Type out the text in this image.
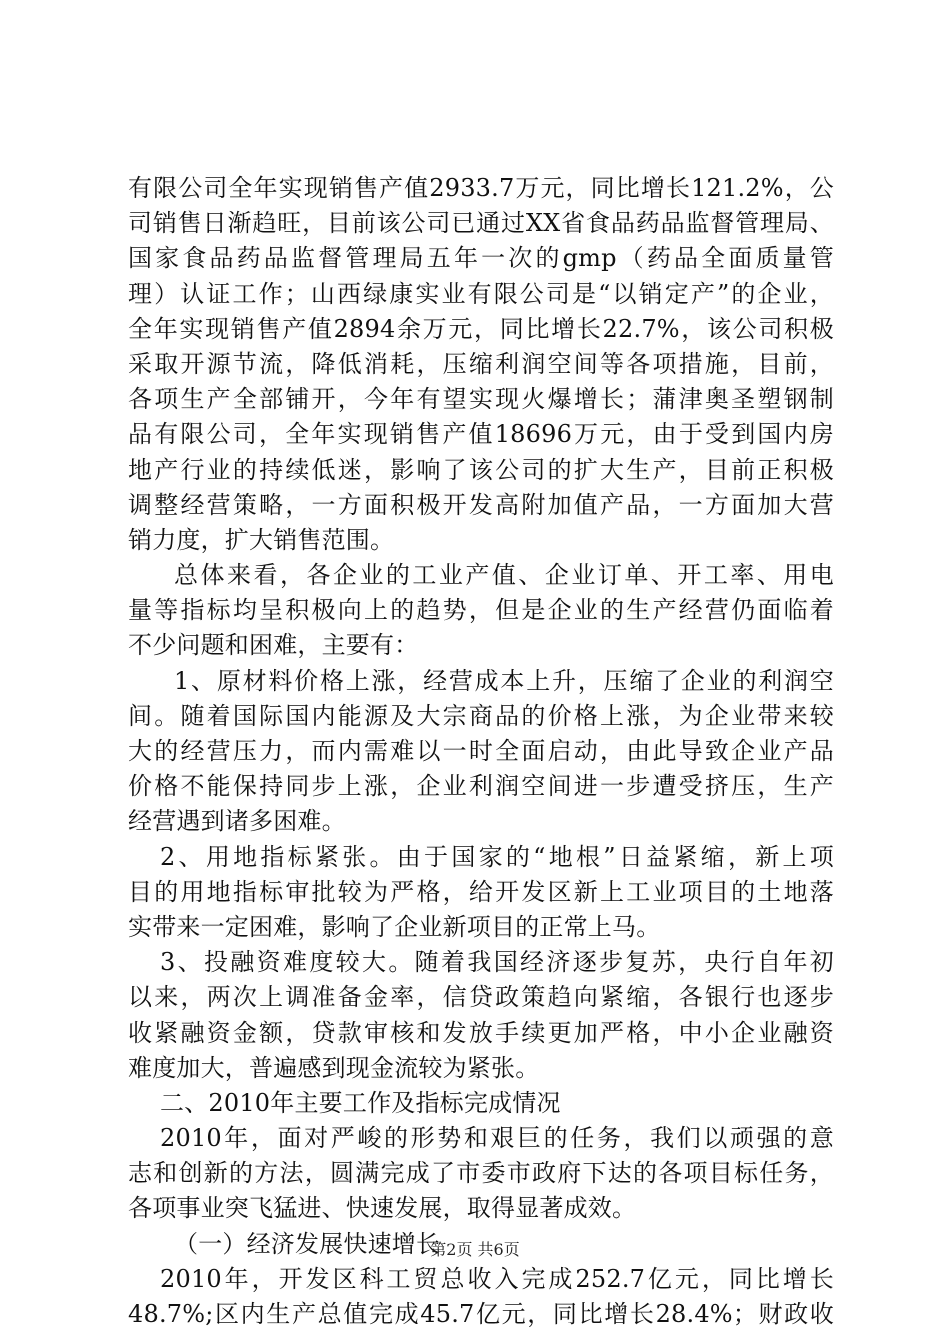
有限公司全年实现销售产值2933.7万元，同比增长121.2%，公
司销售日渐趋旺，目前该公司已通过XX省食品药品监督管理局、
国家食品药品监督管理局五年一次的gmp（药品全面质量管
理）认证工作；山西绿康实业有限公司是“以销定产”的企业，
全年实现销售产值2894余万元，同比增长22.7%，该公司积极
采取开源节流，降低消耗，压缩利润空间等各项措施，目前，
各项生产全部铺开，今年有望实现火爆增长；蒲津奥圣塑钢制
品有限公司，全年实现销售产值18696万元，由于受到国内房
地产行业的持续低迷，影响了该公司的扩大生产，目前正积极
调整经营策略，一方面积极开发高附加值产品，一方面加大营
销力度，扩大销售范围。
总体来看，各企业的工业产值、企业订单、开工率、用电
量等指标均呈积极向上的趋势，但是企业的生产经营仍面临着
不少问题和困难，主要有：
1、原材料价格上涨，经营成本上升，压缩了企业的利润空
间。随着国际国内能源及大宗商品的价格上涨，为企业带来较
大的经营压力，而内需难以一时全面启动，由此导致企业产品
价格不能保持同步上涨，企业利润空间进一步遭受挤压，生产
经营遇到诸多困难。
2、用地指标紧张。由于国家的“地根”日益紧缩，新上项
目的用地指标审批较为严格，给开发区新上工业项目的土地落
实带来一定困难，影响了企业新项目的正常上马。
3、投融资难度较大。随着我国经济逐步复苏，央行自年初
以来，两次上调准备金率，信贷政策趋向紧缩，各银行也逐步
收紧融资金额，贷款审核和发放手续更加严格，中小企业融资
难度加大，普遍感到现金流较为紧张。
二、2010年主要工作及指标完成情况
2010年，面对严峻的形势和艰巨的任务，我们以顽强的意
志和创新的方法，圆满完成了市委市政府下达的各项目标任务，
各项事业突飞猛进、快速发展，取得显著成效。
（一）经济发展快速增长
2010年，开发区科工贸总收入完成252.7亿元，同比增长
48.7%;区内生产总值完成45.7亿元，同比增长28.4%；财政收
第2页 共6页
